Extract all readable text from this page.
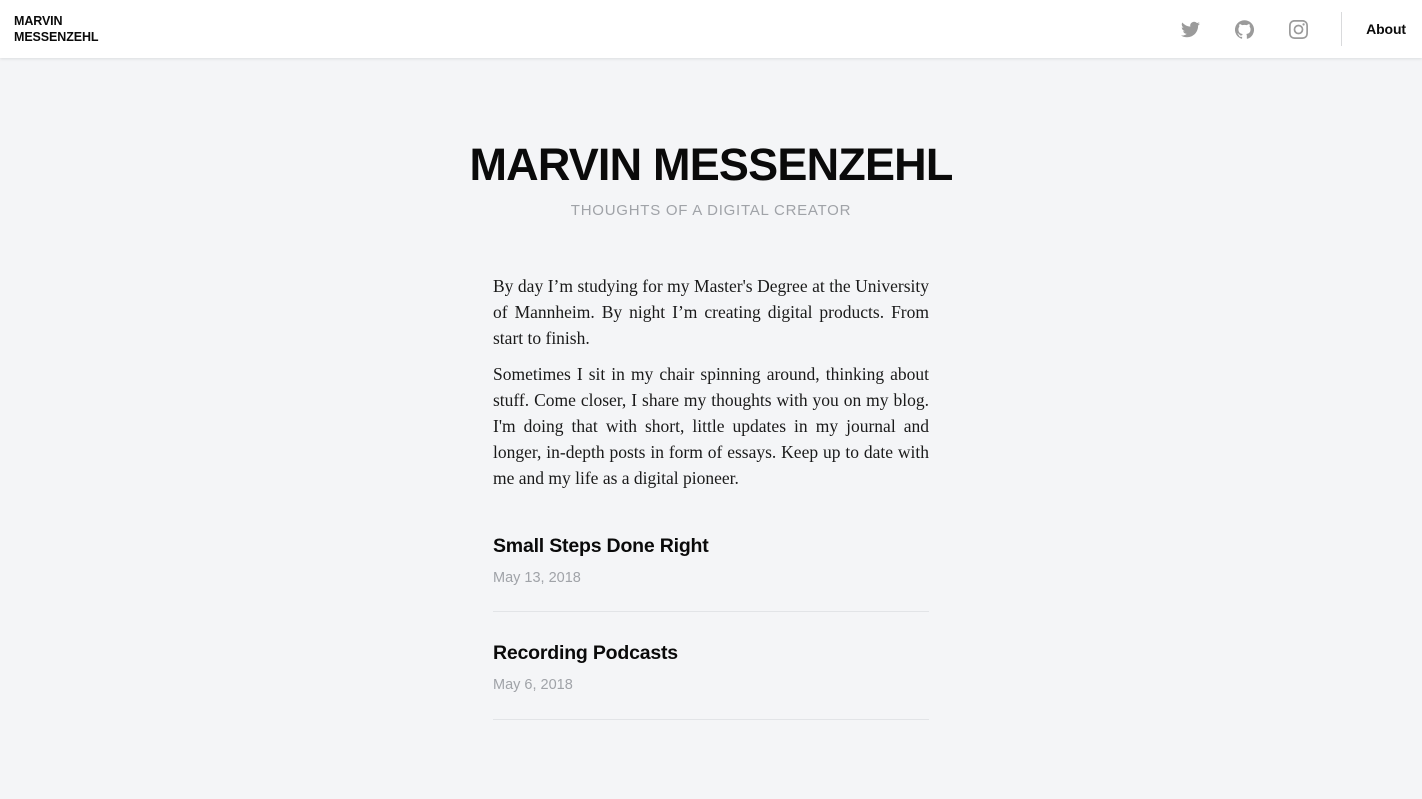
MARVIN
MESSENZEHL	About
MARVIN MESSENZEHL

THOUGHTS OF A DIGITAL CREATOR

By day I’m studying for my Master's Degree at the University of Mannheim. By night I’m creating digital products. From start to finish.

Sometimes I sit in my chair spinning around, thinking about stuff. Come closer, I share my thoughts with you on my blog. I'm doing that with short, little updates in my journal and longer, in-depth posts in form of essays. Keep up to date with me and my life as a digital pioneer.

Small Steps Done Right
May 13, 2018
Recording Podcasts
May 6, 2018
